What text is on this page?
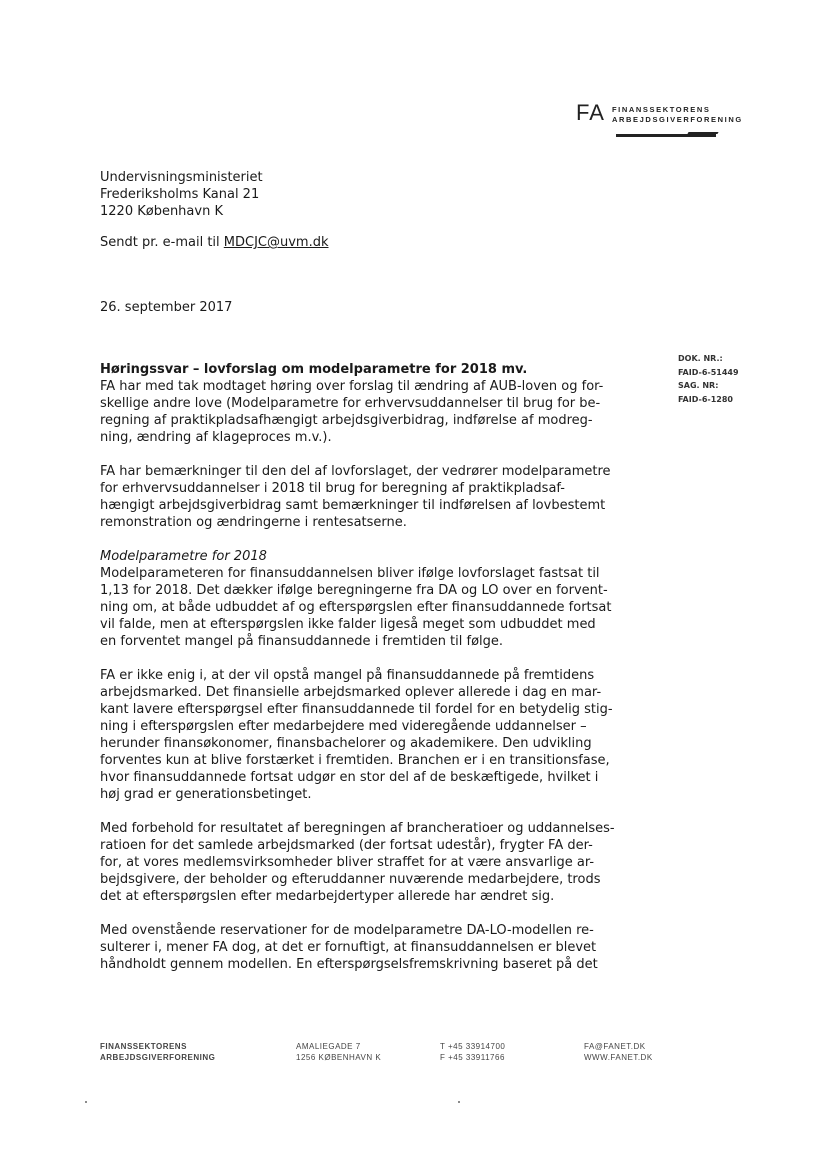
FA FINANSSEKTORENS
ARBEJDSGIVERFORENING
Undervisningsministeriet
Frederiksholms Kanal 21
1220 København K
Sendt pr. e-mail til MDCJC@uvm.dk
26. september 2017
DOK. NR.:
FAID-6-51449
SAG. NR:
FAID-6-1280
Høringssvar – lovforslag om modelparametre for 2018 mv.

FA har med tak modtaget høring over forslag til ændring af AUB-loven og for-
skellige andre love (Modelparametre for erhvervsuddannelser til brug for be-
regning af praktikpladsafhængigt arbejdsgiverbidrag, indførelse af modreg-
ning, ændring af klageproces m.v.).

FA har bemærkninger til den del af lovforslaget, der vedrører modelparametre
for erhvervsuddannelser i 2018 til brug for beregning af praktikpladsaf-
hængigt arbejdsgiverbidrag samt bemærkninger til indførelsen af lovbestemt
remonstration og ændringerne i rentesatserne.

Modelparametre for 2018

Modelparameteren for finansuddannelsen bliver ifølge lovforslaget fastsat til
1,13 for 2018. Det dækker ifølge beregningerne fra DA og LO over en forvent-
ning om, at både udbuddet af og efterspørgslen efter finansuddannede fortsat
vil falde, men at efterspørgslen ikke falder ligeså meget som udbuddet med
en forventet mangel på finansuddannede i fremtiden til følge.

FA er ikke enig i, at der vil opstå mangel på finansuddannede på fremtidens
arbejdsmarked. Det finansielle arbejdsmarked oplever allerede i dag en mar-
kant lavere efterspørgsel efter finansuddannede til fordel for en betydelig stig-
ning i efterspørgslen efter medarbejdere med videregående uddannelser –
herunder finansøkonomer, finansbachelorer og akademikere. Den udvikling
forventes kun at blive forstærket i fremtiden. Branchen er i en transitionsfase,
hvor finansuddannede fortsat udgør en stor del af de beskæftigede, hvilket i
høj grad er generationsbetinget.

Med forbehold for resultatet af beregningen af brancheratioer og uddannelses-
ratioen for det samlede arbejdsmarked (der fortsat udestår), frygter FA der-
for, at vores medlemsvirksomheder bliver straffet for at være ansvarlige ar-
bejdsgivere, der beholder og efteruddanner nuværende medarbejdere, trods
det at efterspørgslen efter medarbejdertyper allerede har ændret sig.

Med ovenstående reservationer for de modelparametre DA-LO-modellen re-
sulterer i, mener FA dog, at det er fornuftigt, at finansuddannelsen er blevet
håndholdt gennem modellen. En efterspørgselsfremskrivning baseret på det

FINANSSEKTORENS
ARBEJDSGIVERFORENING
AMALIEGADE 7
1256 KØBENHAVN K
T +45 33914700
F +45 33911766
FA@FANET.DK
WWW.FANET.DK
